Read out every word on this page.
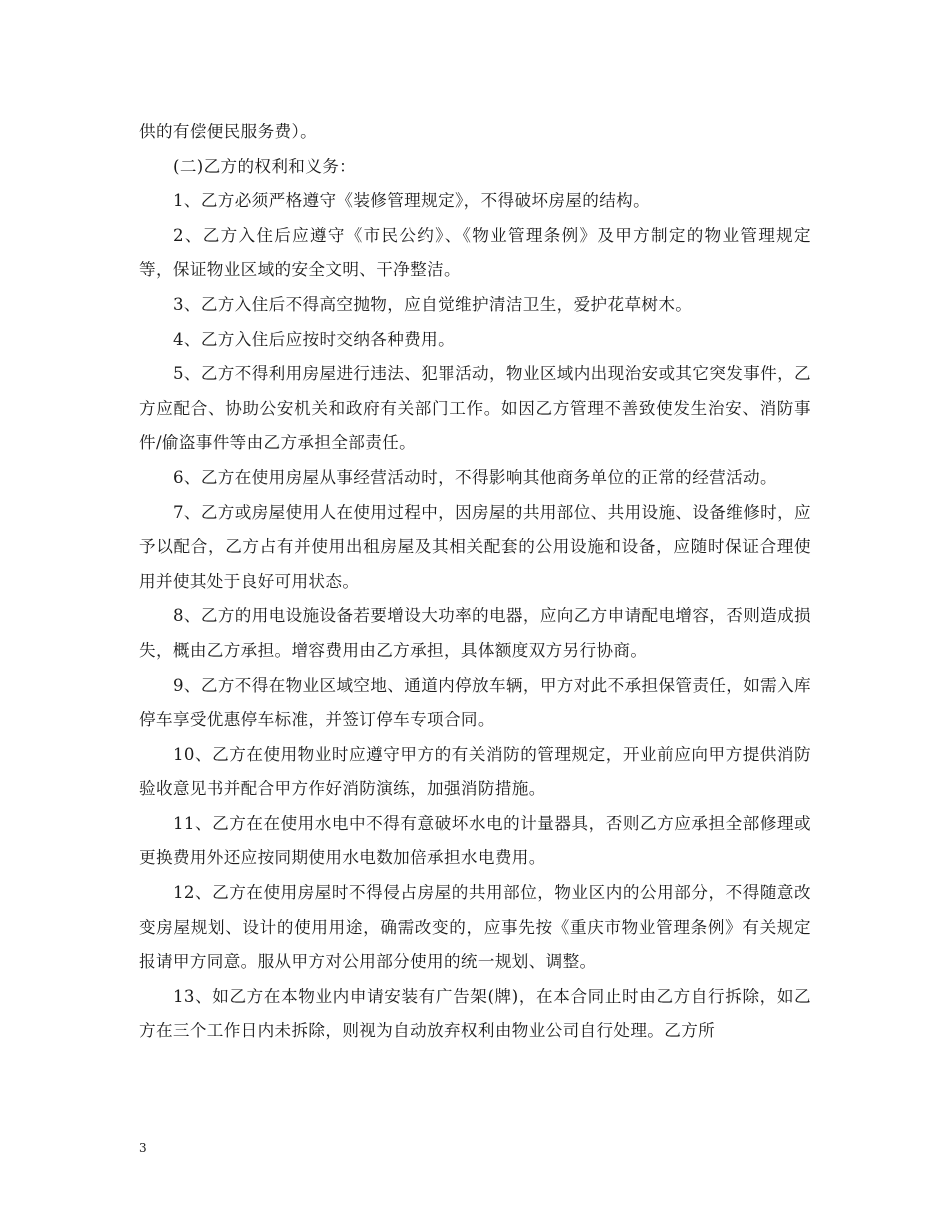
供的有偿便民服务费）。

(二)乙方的权利和义务：

1、乙方必须严格遵守《装修管理规定》，不得破坏房屋的结构。

2、乙方入住后应遵守《市民公约》、《物业管理条例》及甲方制定的物业管理规定等，保证物业区域的安全文明、干净整洁。

3、乙方入住后不得高空抛物，应自觉维护清洁卫生，爱护花草树木。

4、乙方入住后应按时交纳各种费用。

5、乙方不得利用房屋进行违法、犯罪活动，物业区域内出现治安或其它突发事件，乙方应配合、协助公安机关和政府有关部门工作。如因乙方管理不善致使发生治安、消防事件/偷盗事件等由乙方承担全部责任。

6、乙方在使用房屋从事经营活动时，不得影响其他商务单位的正常的经营活动。

7、乙方或房屋使用人在使用过程中，因房屋的共用部位、共用设施、设备维修时，应予以配合，乙方占有并使用出租房屋及其相关配套的公用设施和设备，应随时保证合理使用并使其处于良好可用状态。

8、乙方的用电设施设备若要增设大功率的电器，应向乙方申请配电增容，否则造成损失，概由乙方承担。增容费用由乙方承担，具体额度双方另行协商。

9、乙方不得在物业区域空地、通道内停放车辆，甲方对此不承担保管责任，如需入库停车享受优惠停车标准，并签订停车专项合同。

10、乙方在使用物业时应遵守甲方的有关消防的管理规定，开业前应向甲方提供消防验收意见书并配合甲方作好消防演练，加强消防措施。

11、乙方在在使用水电中不得有意破坏水电的计量器具，否则乙方应承担全部修理或更换费用外还应按同期使用水电数加倍承担水电费用。

12、乙方在使用房屋时不得侵占房屋的共用部位，物业区内的公用部分，不得随意改变房屋规划、设计的使用用途，确需改变的，应事先按《重庆市物业管理条例》有关规定报请甲方同意。服从甲方对公用部分使用的统一规划、调整。

13、如乙方在本物业内申请安装有广告架(牌)，在本合同止时由乙方自行拆除，如乙方在三个工作日内未拆除，则视为自动放弃权利由物业公司自行处理。乙方所

3
